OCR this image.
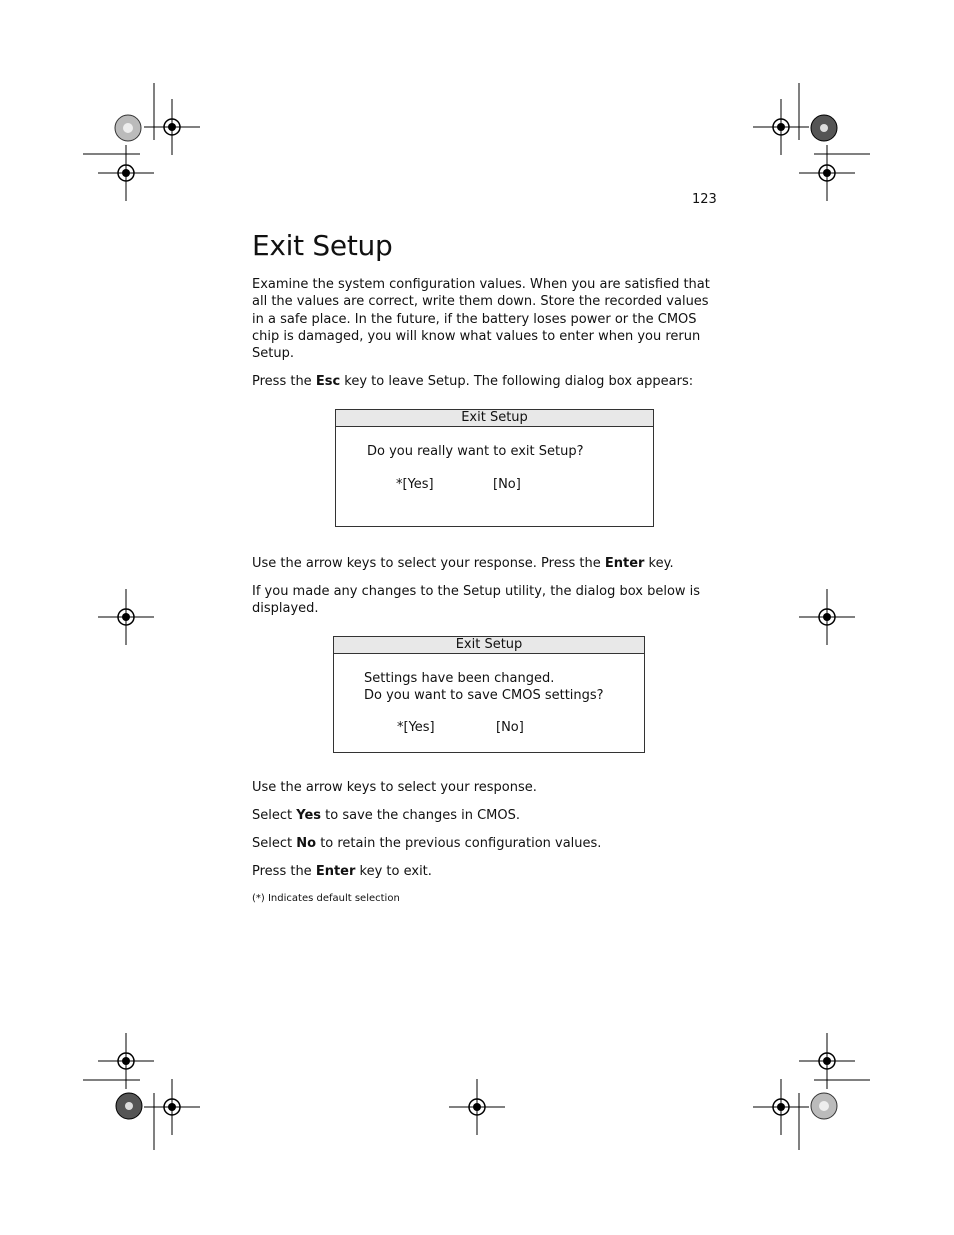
123
Exit Setup

Examine the system configuration values. When you are satisfied that all the values are correct, write them down. Store the recorded values in a safe place. In the future, if the battery loses power or the CMOS chip is damaged, you will know what values to enter when you rerun Setup.

Press the Esc key to leave Setup. The following dialog box appears:

Exit Setup
Do you really want to exit Setup?
*[Yes]	[No]

Use the arrow keys to select your response. Press the Enter key.

If you made any changes to the Setup utility, the dialog box below is displayed.

Exit Setup
Settings have been changed.
Do you want to save CMOS settings?
*[Yes]	[No]

Use the arrow keys to select your response.

Select Yes to save the changes in CMOS.

Select No to retain the previous configuration values.

Press the Enter key to exit.

(*) Indicates default selection
